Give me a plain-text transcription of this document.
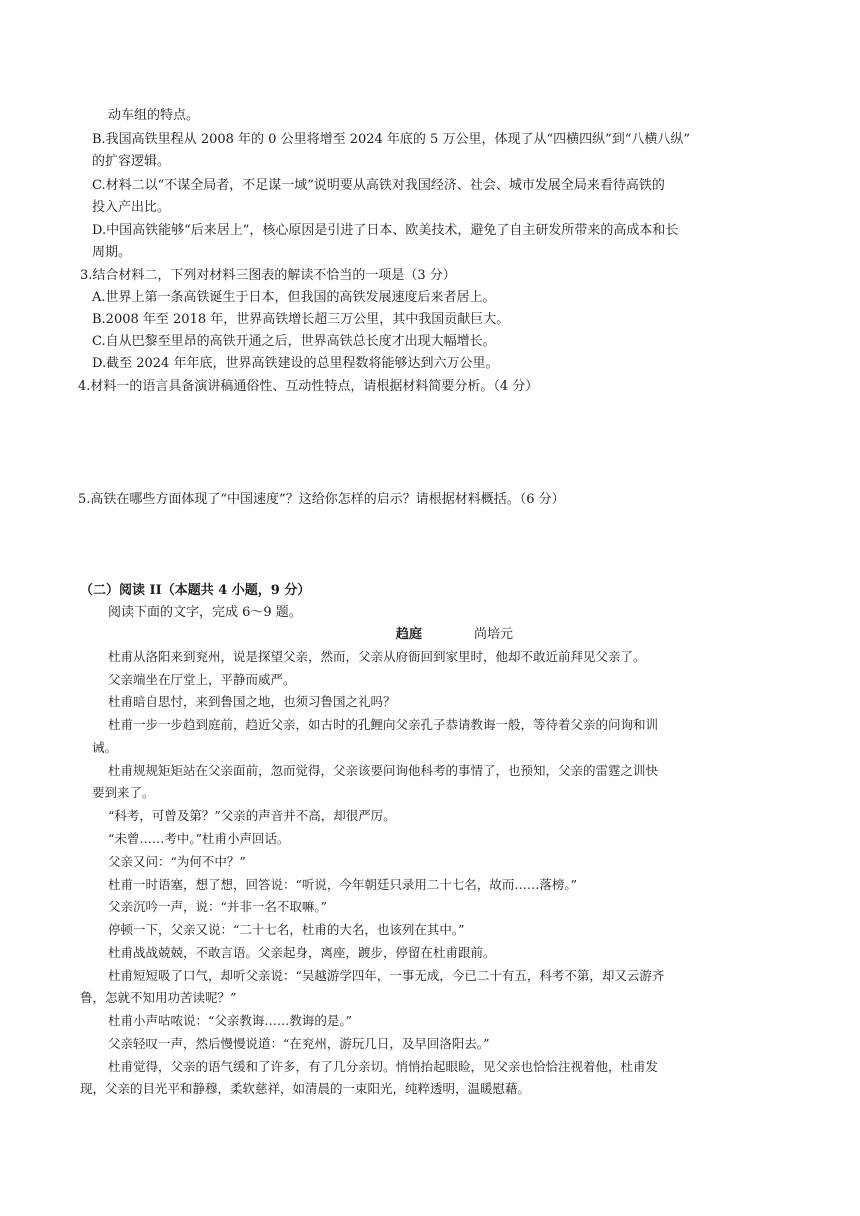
动车组的特点。
B.我国高铁里程从 2008 年的 0 公里将增至 2024 年底的 5 万公里，体现了从“四横四纵”到“八横八纵”
的扩容逻辑。
C.材料二以“不谋全局者，不足谋一域”说明要从高铁对我国经济、社会、城市发展全局来看待高铁的
投入产出比。
D.中国高铁能够“后来居上”，核心原因是引进了日本、欧美技术，避免了自主研发所带来的高成本和长
周期。
3.结合材料二，下列对材料三图表的解读不恰当的一项是（3 分）
A.世界上第一条高铁诞生于日本，但我国的高铁发展速度后来者居上。
B.2008 年至 2018 年，世界高铁增长超三万公里，其中我国贡献巨大。
C.自从巴黎至里昂的高铁开通之后，世界高铁总长度才出现大幅增长。
D.截至 2024 年年底，世界高铁建设的总里程数将能够达到六万公里。
4.材料一的语言具备演讲稿通俗性、互动性特点，请根据材料简要分析。（4 分）
5.高铁在哪些方面体现了“中国速度”？这给你怎样的启示？请根据材料概括。（6 分）
（二）阅读 II（本题共 4 小题，9 分）
阅读下面的文字，完成 6～9 题。
趋庭	尚培元
杜甫从洛阳来到兖州，说是探望父亲，然而，父亲从府衙回到家里时，他却不敢近前拜见父亲了。
父亲端坐在厅堂上，平静而威严。
杜甫暗自思忖，来到鲁国之地，也须习鲁国之礼吗？
杜甫一步一步趋到庭前，趋近父亲，如古时的孔鲤向父亲孔子恭请教诲一般，等待着父亲的问询和训
诫。
杜甫规规矩矩站在父亲面前，忽而觉得，父亲该要问询他科考的事情了，也预知，父亲的雷霆之训快
要到来了。
“科考，可曾及第？”父亲的声音并不高，却很严厉。
“未曾……考中。”杜甫小声回话。
父亲又问：“为何不中？”
杜甫一时语塞，想了想，回答说：“听说，今年朝廷只录用二十七名，故而……落榜。”
父亲沉吟一声，说：“并非一名不取嘛。”
停顿一下，父亲又说：“二十七名，杜甫的大名，也该列在其中。”
杜甫战战兢兢，不敢言语。父亲起身，离座，踱步，停留在杜甫跟前。
杜甫短短吸了口气，却听父亲说：“吴越游学四年，一事无成，今已二十有五，科考不第，却又云游齐
鲁，怎就不知用功苦读呢？”
杜甫小声咕哝说：“父亲教诲……教诲的是。”
父亲轻叹一声，然后慢慢说道：“在兖州，游玩几日，及早回洛阳去。”
杜甫觉得，父亲的语气缓和了许多，有了几分亲切。悄悄抬起眼睑，见父亲也恰恰注视着他，杜甫发
现，父亲的目光平和静穆，柔软慈祥，如清晨的一束阳光，纯粹透明，温暖慰藉。
